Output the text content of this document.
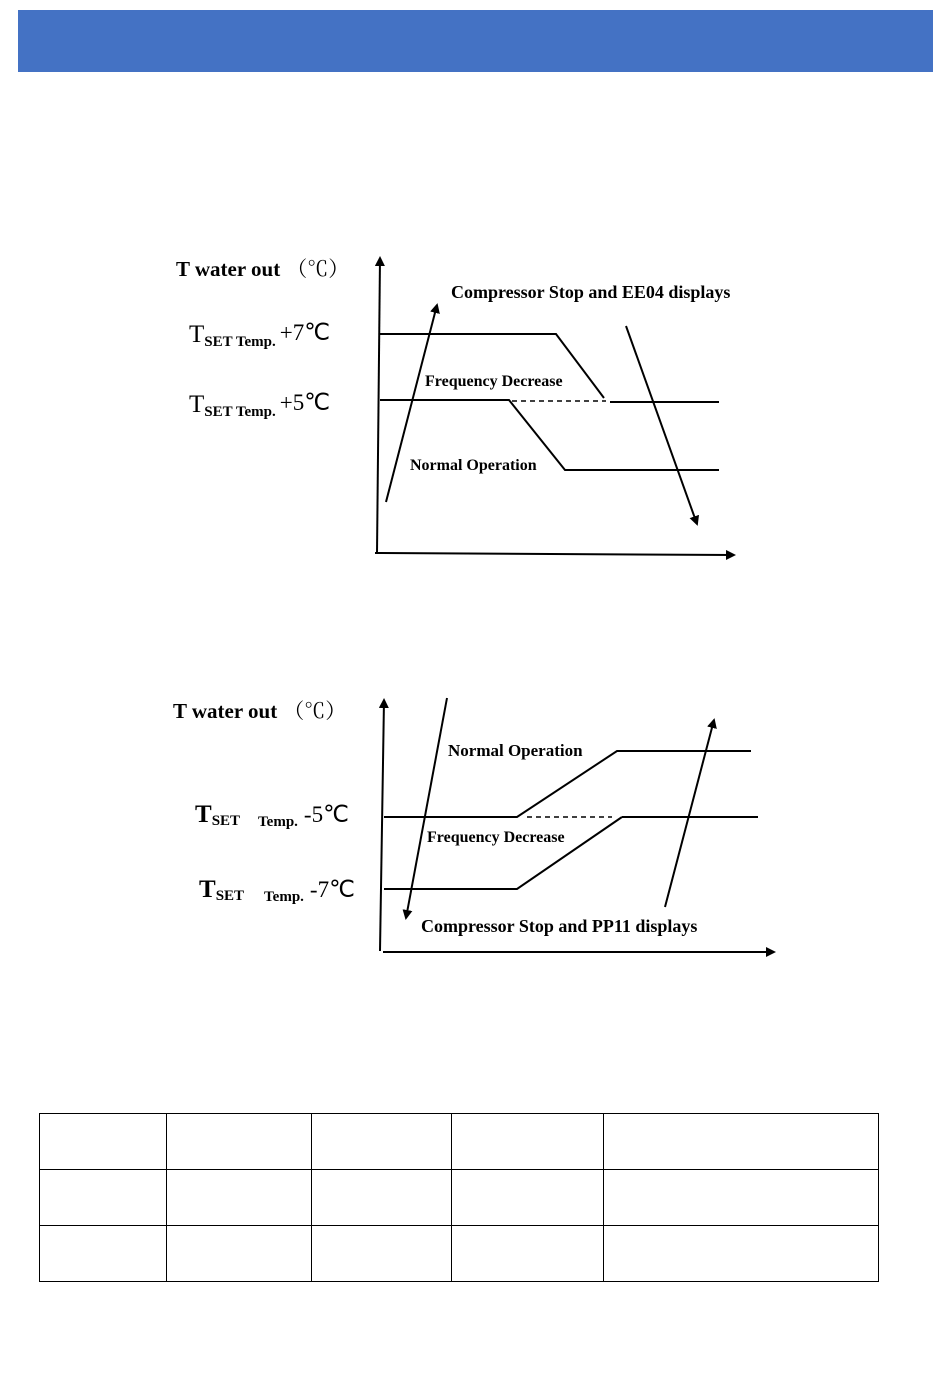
T water out （℃）
TSET Temp. +7℃
TSET Temp. +5℃
Compressor Stop and EE04 displays
Frequency Decrease
Normal Operation
T water out （℃）
TSET Temp. -5℃
TSET Temp. -7℃
Normal Operation
Frequency Decrease
Compressor Stop and PP11 displays
